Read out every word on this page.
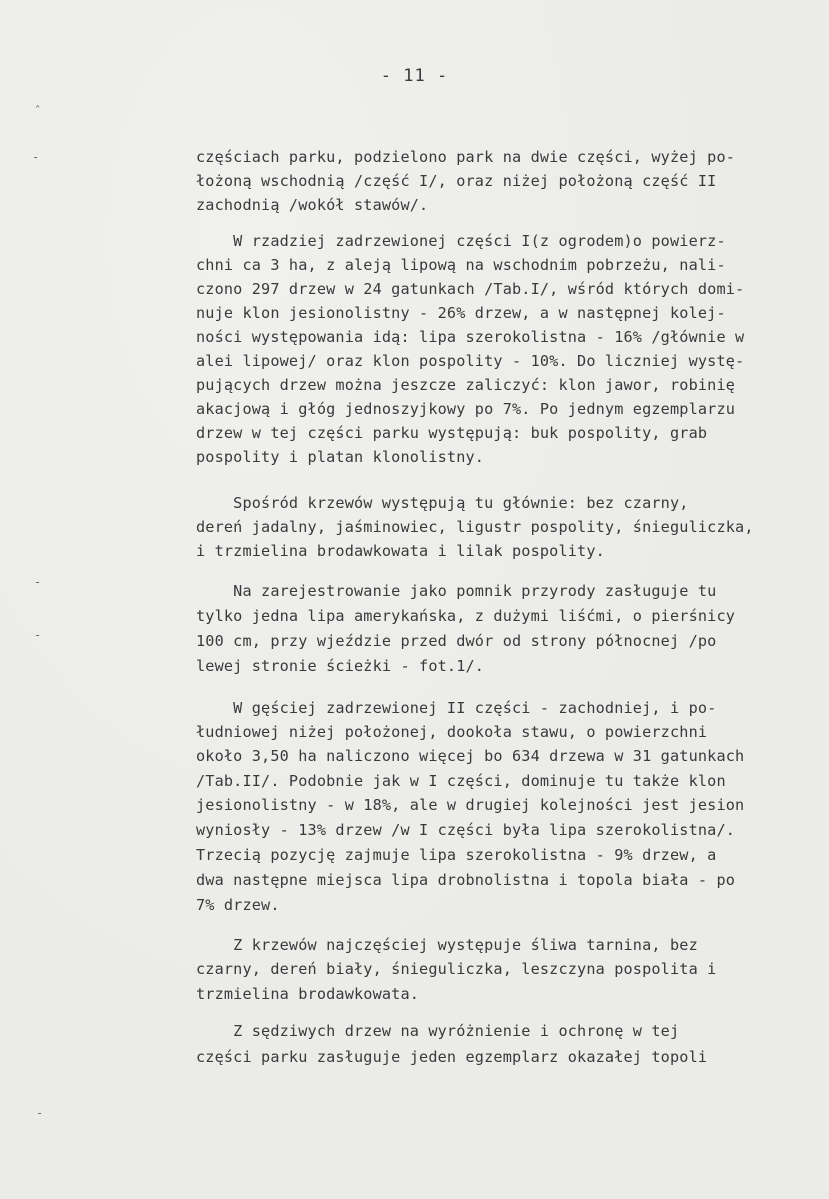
ˆ
-
-
-
-
- 11 -
częściach parku, podzielono park na dwie części, wyżej po-
łożoną wschodnią /część I/, oraz niżej położoną część II
zachodnią /wokół stawów/.
W rzadziej zadrzewionej części I(z ogrodem)o powierz-
chni ca 3 ha, z aleją lipową na wschodnim pobrzeżu, nali-
czono 297 drzew w 24 gatunkach /Tab.I/, wśród których domi-
nuje klon jesionolistny - 26% drzew, a w następnej kolej-
ności występowania idą: lipa szerokolistna - 16% /głównie w
alei lipowej/ oraz klon pospolity - 10%. Do liczniej wystę-
pujących drzew można jeszcze zaliczyć: klon jawor, robinię
akacjową i głóg jednoszyjkowy po 7%. Po jednym egzemplarzu
drzew w tej części parku występują: buk pospolity, grab
pospolity i platan klonolistny.
Spośród krzewów występują tu głównie: bez czarny,
dereń jadalny, jaśminowiec, ligustr pospolity, śnieguliczka,
i trzmielina brodawkowata i lilak pospolity.
Na zarejestrowanie jako pomnik przyrody zasługuje tu
tylko jedna lipa amerykańska, z dużymi liśćmi, o pierśnicy
100 cm, przy wjeździe przed dwór od strony północnej /po
lewej stronie ścieżki - fot.1/.
W gęściej zadrzewionej II części - zachodniej, i po-
łudniowej niżej położonej, dookoła stawu, o powierzchni
około 3,50 ha naliczono więcej bo 634 drzewa w 31 gatunkach
/Tab.II/. Podobnie jak w I części, dominuje tu także klon
jesionolistny - w 18%, ale w drugiej kolejności jest jesion
wyniosły - 13% drzew /w I części była lipa szerokolistna/.
Trzecią pozycję zajmuje lipa szerokolistna - 9% drzew, a
dwa następne miejsca lipa drobnolistna i topola biała - po
7% drzew.
Z krzewów najczęściej występuje śliwa tarnina, bez
czarny, dereń biały, śnieguliczka, leszczyna pospolita i
trzmielina brodawkowata.
Z sędziwych drzew na wyróżnienie i ochronę w tej
części parku zasługuje jeden egzemplarz okazałej topoli
